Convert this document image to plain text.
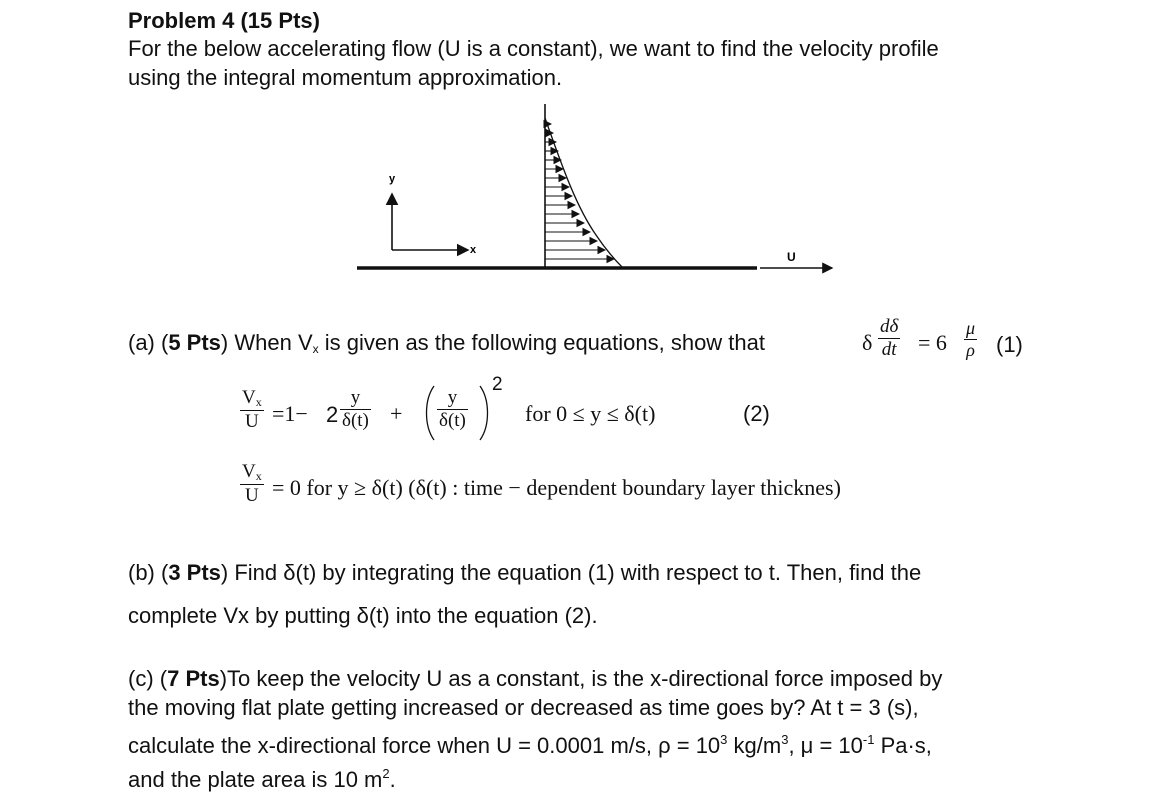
Problem 4 (15 Pts)
For the below accelerating flow (U is a constant), we want to find the velocity profile
using the integral momentum approximation.
y
x	U
(a) (5 Pts) When $V_x$ is given as the following equations, show that	δ $\frac{d\delta}{dt} = 6 \frac{\mu}{\rho} (1)$
$\frac{V_x}{U} =1- 2 \frac{y}{\delta(t)} + \frac{y}{\delta(t)}$
2
for 0 ≤ y ≤ δ(t)	(2)
$\frac{V_x}{U} = 0$ for y ≥ δ(t) (δ(t) : time − dependent boundary layer thicknes)
(b) (3 Pts) Find δ(t) by integrating the equation (1) with respect to t. Then, find the
complete Vx by putting δ(t) into the equation (2).
(c) (7 Pts)To keep the velocity U as a constant, is the x-directional force imposed by
the moving flat plate getting increased or decreased as time goes by? At t = 3 (s),
calculate the x-directional force when U = 0.0001 m/s, $\rho = 10^3$ $kg/m^3$, $\mu = 10^{-1}$ Pa·s,
and the plate area is 10 $m^2$.
